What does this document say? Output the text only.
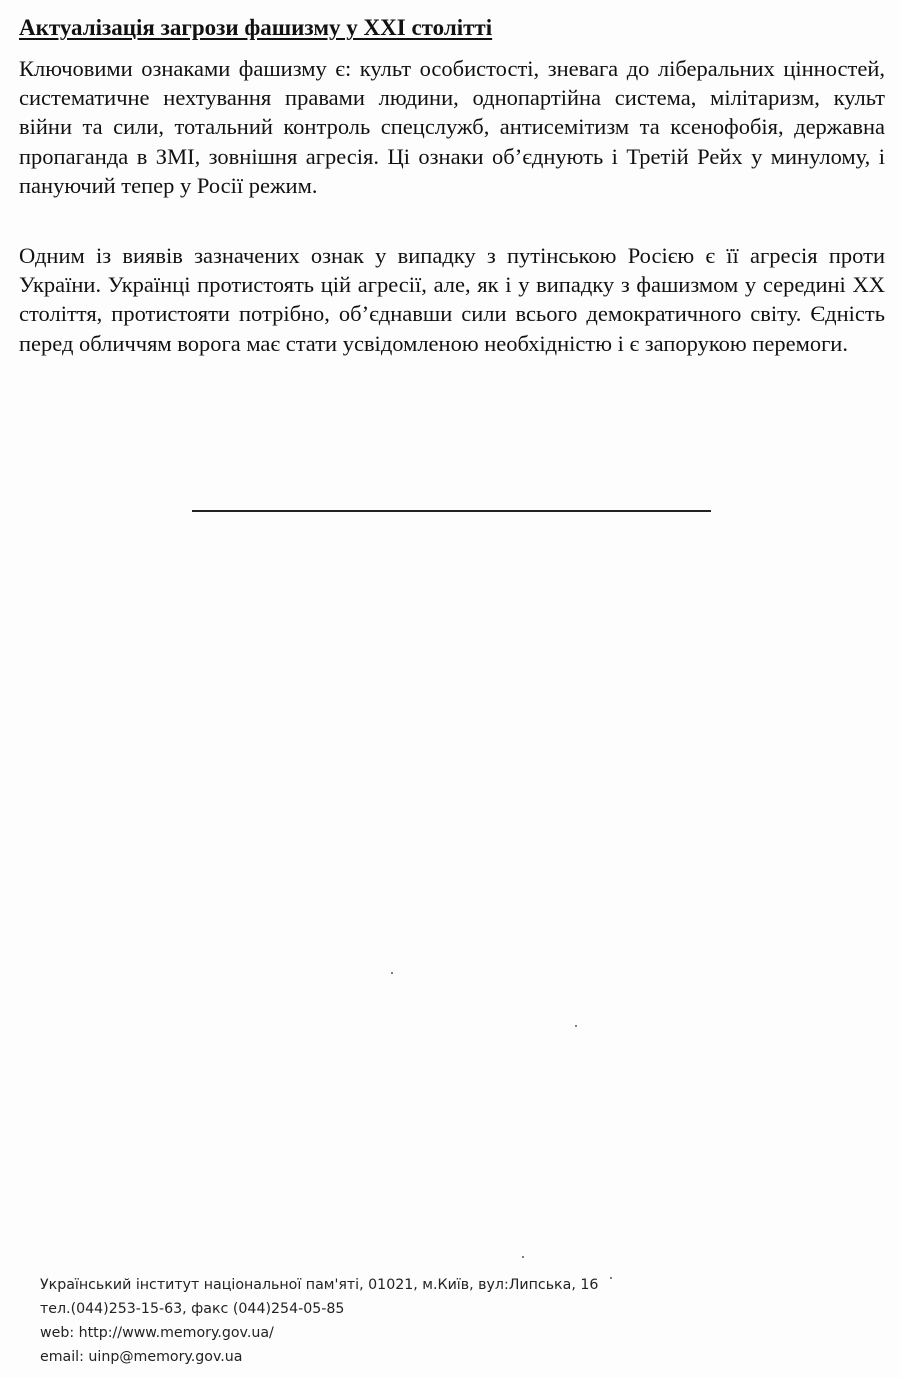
Актуалізація загрози фашизму у ХХІ столітті

Ключовими ознаками фашизму є: культ особистості, зневага до ліберальних цінностей, систематичне нехтування правами людини, однопартійна система, мілітаризм, культ війни та сили, тотальний контроль спецслужб, антисемітизм та ксенофобія, державна пропаганда в ЗМІ, зовнішня агресія. Ці ознаки об’єднують і Третій Рейх у минулому, і пануючий тепер у Росії режим.

Одним із виявів зазначених ознак у випадку з путінською Росією є її агресія проти України. Українці протистоять цій агресії, але, як і у випадку з фашизмом у середині ХХ століття, протистояти потрібно, об’єднавши сили всього демократичного світу. Єдність перед обличчям ворога має стати усвідомленою необхідністю і є запорукою перемоги.

Український інститут національної пам'яті, 01021, м.Київ, вул:Липська, 16
тел.(044)253-15-63, факс (044)254-05-85
web: http://www.memory.gov.ua/
email: uinp@memory.gov.ua
